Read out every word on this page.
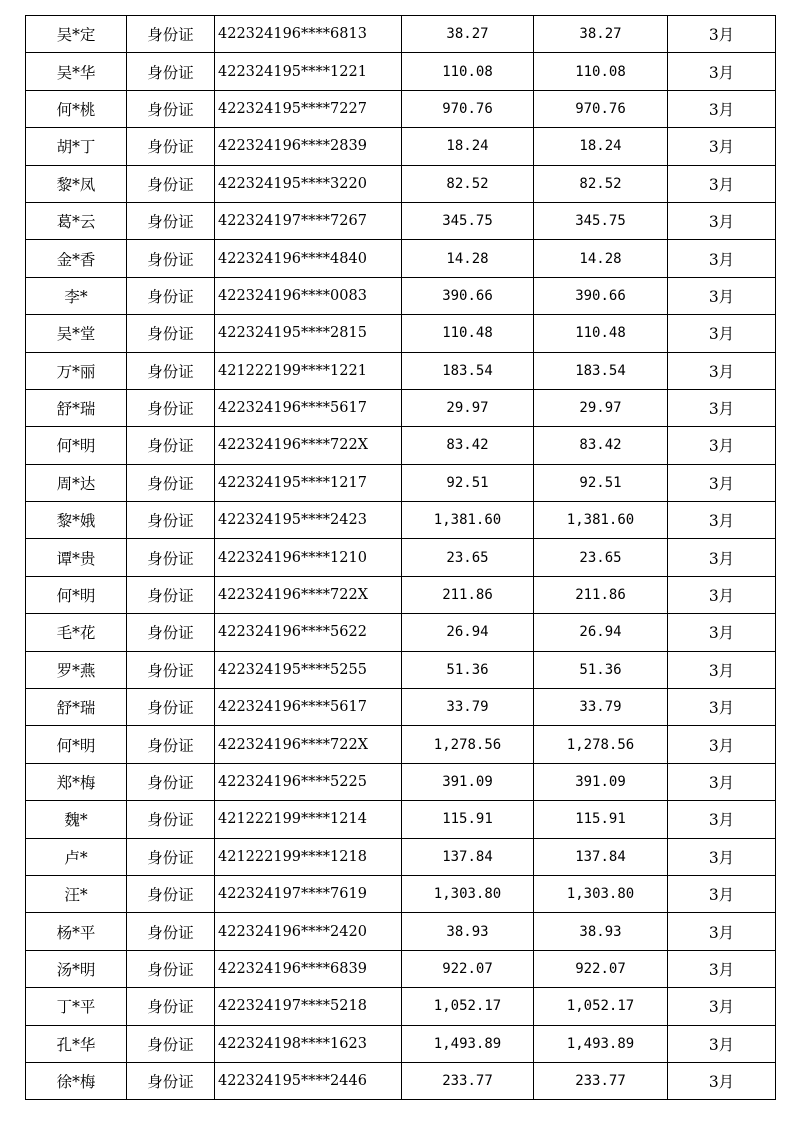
吴*定	身份证	422324196****6813	38.27	38.27	3月
吴*华	身份证	422324195****1221	110.08	110.08	3月
何*桃	身份证	422324195****7227	970.76	970.76	3月
胡*丁	身份证	422324196****2839	18.24	18.24	3月
黎*凤	身份证	422324195****3220	82.52	82.52	3月
葛*云	身份证	422324197****7267	345.75	345.75	3月
金*香	身份证	422324196****4840	14.28	14.28	3月
李*	身份证	422324196****0083	390.66	390.66	3月
吴*堂	身份证	422324195****2815	110.48	110.48	3月
万*丽	身份证	421222199****1221	183.54	183.54	3月
舒*瑞	身份证	422324196****5617	29.97	29.97	3月
何*明	身份证	422324196****722X	83.42	83.42	3月
周*达	身份证	422324195****1217	92.51	92.51	3月
黎*娥	身份证	422324195****2423	1,381.60	1,381.60	3月
谭*贵	身份证	422324196****1210	23.65	23.65	3月
何*明	身份证	422324196****722X	211.86	211.86	3月
毛*花	身份证	422324196****5622	26.94	26.94	3月
罗*燕	身份证	422324195****5255	51.36	51.36	3月
舒*瑞	身份证	422324196****5617	33.79	33.79	3月
何*明	身份证	422324196****722X	1,278.56	1,278.56	3月
郑*梅	身份证	422324196****5225	391.09	391.09	3月
魏*	身份证	421222199****1214	115.91	115.91	3月
卢*	身份证	421222199****1218	137.84	137.84	3月
汪*	身份证	422324197****7619	1,303.80	1,303.80	3月
杨*平	身份证	422324196****2420	38.93	38.93	3月
汤*明	身份证	422324196****6839	922.07	922.07	3月
丁*平	身份证	422324197****5218	1,052.17	1,052.17	3月
孔*华	身份证	422324198****1623	1,493.89	1,493.89	3月
徐*梅	身份证	422324195****2446	233.77	233.77	3月
